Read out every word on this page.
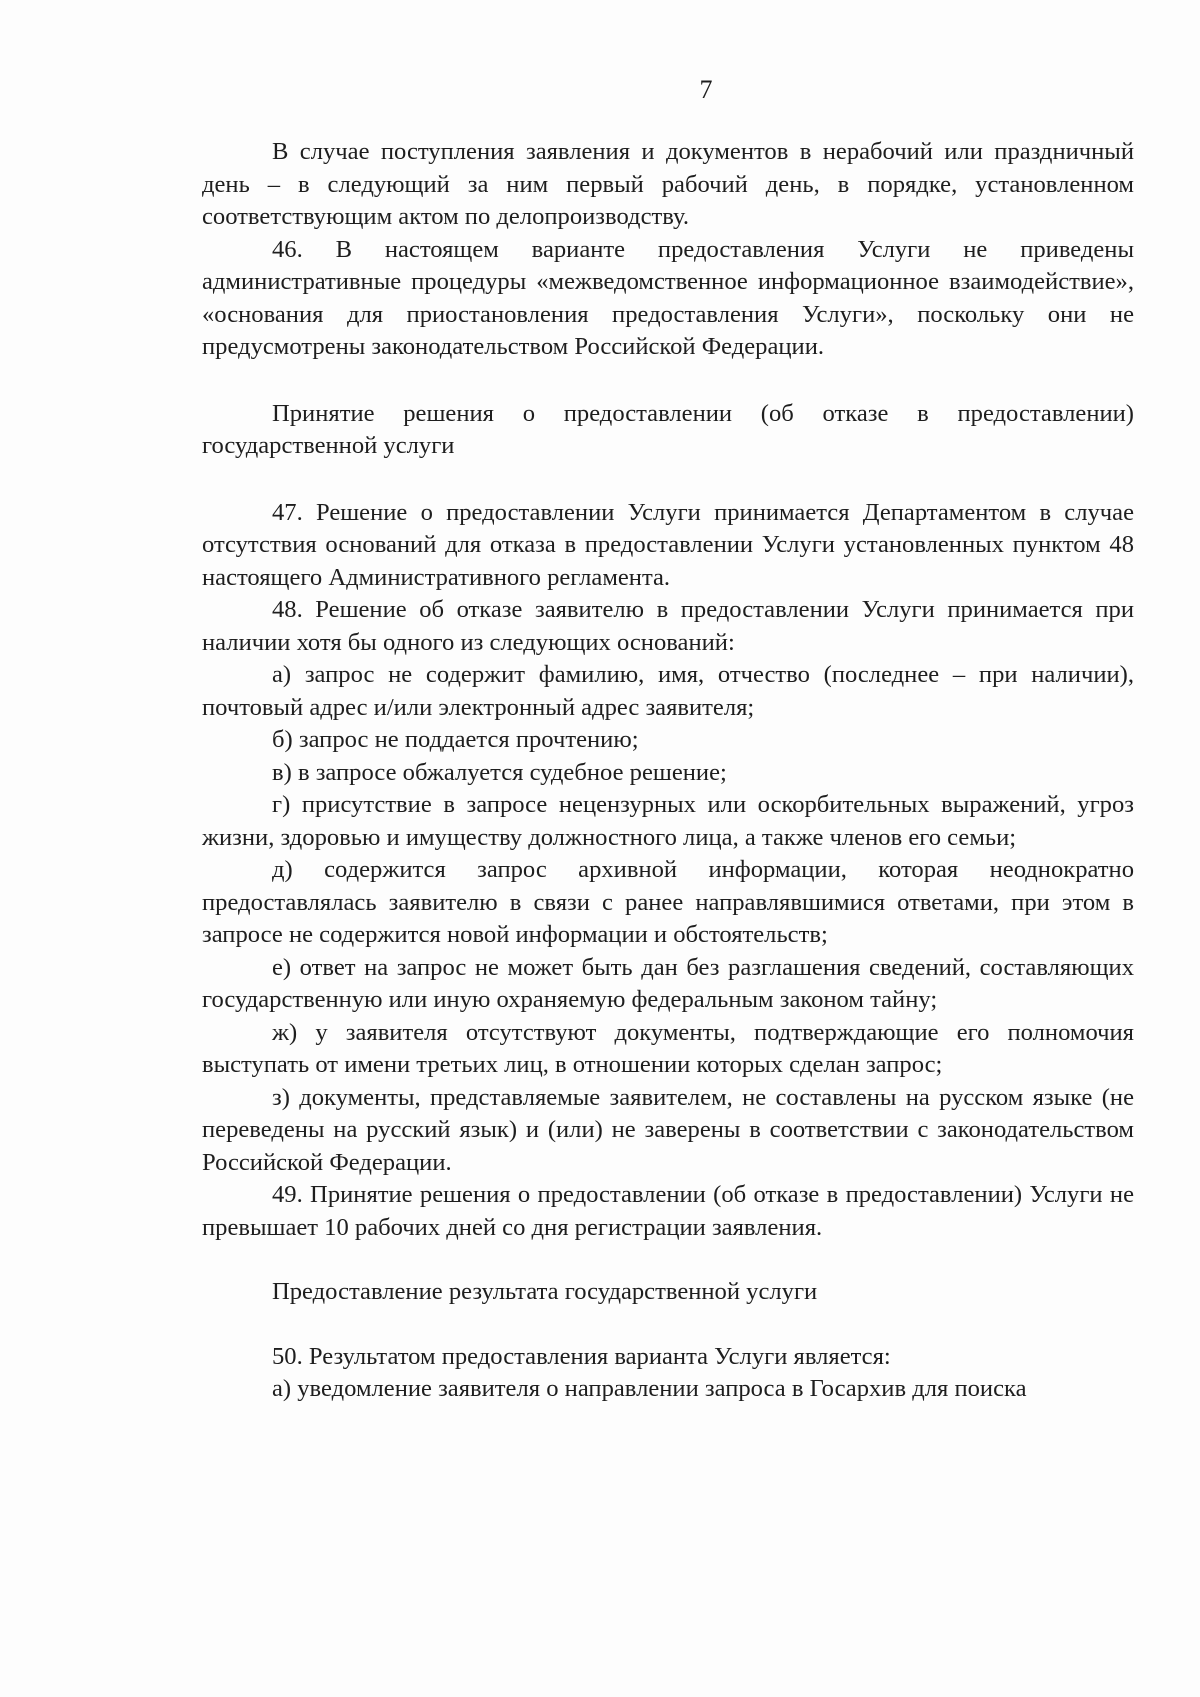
7

В случае поступления заявления и документов в нерабочий или праздничный день – в следующий за ним первый рабочий день, в порядке, установленном соответствующим актом по делопроизводству.

46. В настоящем варианте предоставления Услуги не приведены административные процедуры «межведомственное информационное взаимодействие», «основания для приостановления предоставления Услуги», поскольку они не предусмотрены законодательством Российской Федерации.

Принятие решения о предоставлении (об отказе в предоставлении) государственной услуги

47. Решение о предоставлении Услуги принимается Департаментом в случае отсутствия оснований для отказа в предоставлении Услуги установленных пунктом 48 настоящего Административного регламента.

48. Решение об отказе заявителю в предоставлении Услуги принимается при наличии хотя бы одного из следующих оснований:

а) запрос не содержит фамилию, имя, отчество (последнее – при наличии), почтовый адрес и/или электронный адрес заявителя;

б) запрос не поддается прочтению;

в) в запросе обжалуется судебное решение;

г) присутствие в запросе нецензурных или оскорбительных выражений, угроз жизни, здоровью и имуществу должностного лица, а также членов его семьи;

д) содержится запрос архивной информации, которая неоднократно предоставлялась заявителю в связи с ранее направлявшимися ответами, при этом в запросе не содержится новой информации и обстоятельств;

е) ответ на запрос не может быть дан без разглашения сведений, составляющих государственную или иную охраняемую федеральным законом тайну;

ж) у заявителя отсутствуют документы, подтверждающие его полномочия выступать от имени третьих лиц, в отношении которых сделан запрос;

з) документы, представляемые заявителем, не составлены на русском языке (не переведены на русский язык) и (или) не заверены в соответствии с законодательством Российской Федерации.

49. Принятие решения о предоставлении (об отказе в предоставлении) Услуги не превышает 10 рабочих дней со дня регистрации заявления.

Предоставление результата государственной услуги

50. Результатом предоставления варианта Услуги является:

а) уведомление заявителя о направлении запроса в Госархив для поиска
